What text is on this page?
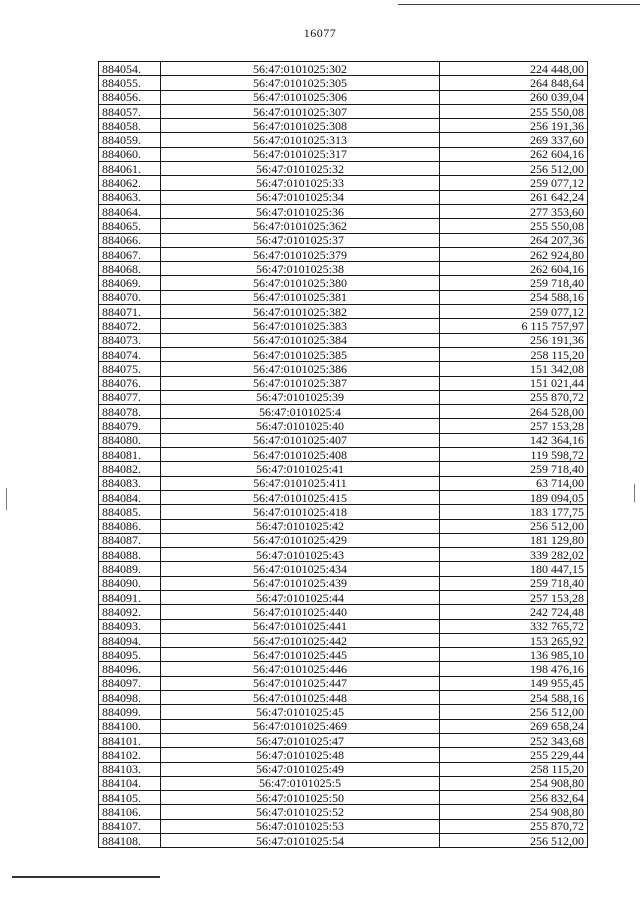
16077
884054.	56:47:0101025:302	224 448,00
884055.	56:47:0101025:305	264 848,64
884056.	56:47:0101025:306	260 039,04
884057.	56:47:0101025:307	255 550,08
884058.	56:47:0101025:308	256 191,36
884059.	56:47:0101025:313	269 337,60
884060.	56:47:0101025:317	262 604,16
884061.	56:47:0101025:32	256 512,00
884062.	56:47:0101025:33	259 077,12
884063.	56:47:0101025:34	261 642,24
884064.	56:47:0101025:36	277 353,60
884065.	56:47:0101025:362	255 550,08
884066.	56:47:0101025:37	264 207,36
884067.	56:47:0101025:379	262 924,80
884068.	56:47:0101025:38	262 604,16
884069.	56:47:0101025:380	259 718,40
884070.	56:47:0101025:381	254 588,16
884071.	56:47:0101025:382	259 077,12
884072.	56:47:0101025:383	6 115 757,97
884073.	56:47:0101025:384	256 191,36
884074.	56:47:0101025:385	258 115,20
884075.	56:47:0101025:386	151 342,08
884076.	56:47:0101025:387	151 021,44
884077.	56:47:0101025:39	255 870,72
884078.	56:47:0101025:4	264 528,00
884079.	56:47:0101025:40	257 153,28
884080.	56:47:0101025:407	142 364,16
884081.	56:47:0101025:408	119 598,72
884082.	56:47:0101025:41	259 718,40
884083.	56:47:0101025:411	63 714,00
884084.	56:47:0101025:415	189 094,05
884085.	56:47:0101025:418	183 177,75
884086.	56:47:0101025:42	256 512,00
884087.	56:47:0101025:429	181 129,80
884088.	56:47:0101025:43	339 282,02
884089.	56:47:0101025:434	180 447,15
884090.	56:47:0101025:439	259 718,40
884091.	56:47:0101025:44	257 153,28
884092.	56:47:0101025:440	242 724,48
884093.	56:47:0101025:441	332 765,72
884094.	56:47:0101025:442	153 265,92
884095.	56:47:0101025:445	136 985,10
884096.	56:47:0101025:446	198 476,16
884097.	56:47:0101025:447	149 955,45
884098.	56:47:0101025:448	254 588,16
884099.	56:47:0101025:45	256 512,00
884100.	56:47:0101025:469	269 658,24
884101.	56:47:0101025:47	252 343,68
884102.	56:47:0101025:48	255 229,44
884103.	56:47:0101025:49	258 115,20
884104.	56:47:0101025:5	254 908,80
884105.	56:47:0101025:50	256 832,64
884106.	56:47:0101025:52	254 908,80
884107.	56:47:0101025:53	255 870,72
884108.	56:47:0101025:54	256 512,00
